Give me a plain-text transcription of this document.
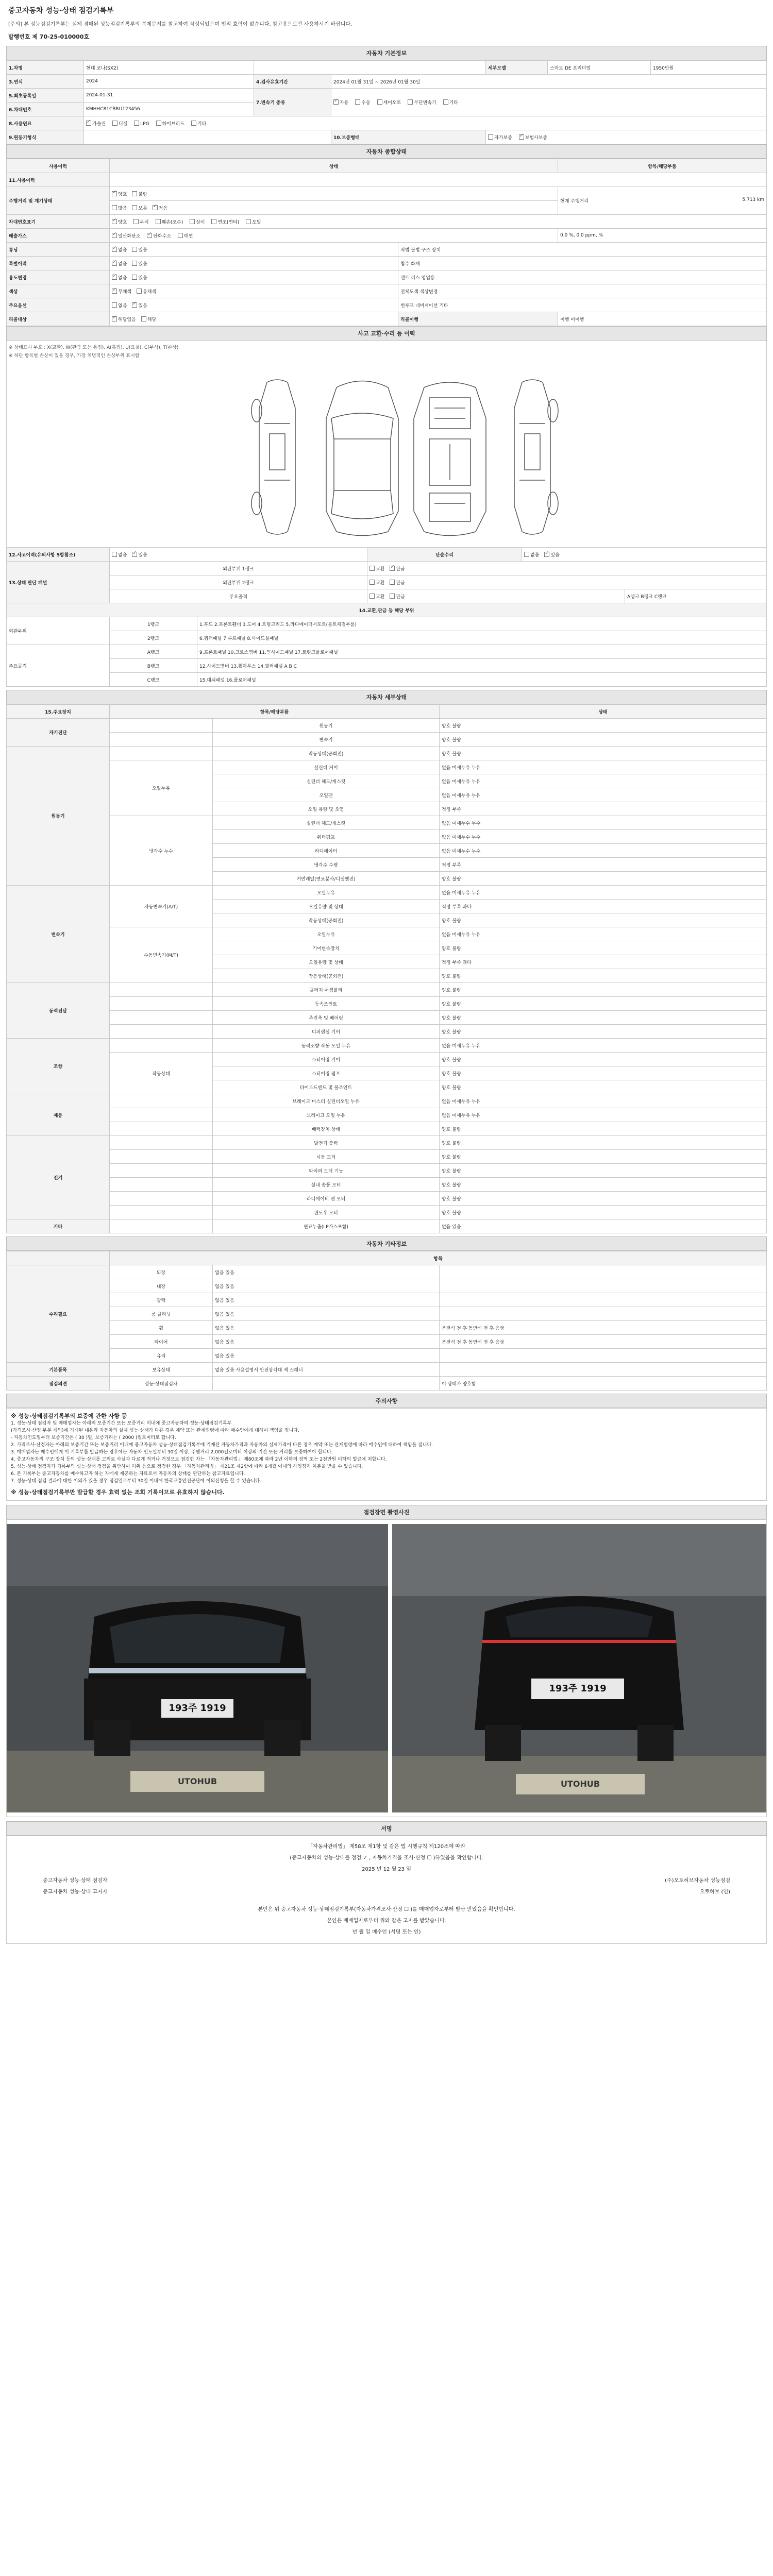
중고자동차 성능·상태 점검기록부
[주의] 본 성능점검기록부는 실제 경매된 성능점검기록부의 복제문서를 참고하여 작성되었으며 법적 효력이 없습니다. 참고용으로만 사용하시기 바랍니다.
발행번호 제 70-25-010000호
자동차 기본정보
1.차명	현대 코나(SX2)			세부모델	스마트 DE 프리미엄	1950만원
3.연식	2024	4.검사유효기간	2024년 01월 31일 ~ 2026년 01월 30일			
5.최초등록일	2024-01-31	7.변속기 종류	✓자동 수동 세미오토 무단변속기 기타
6.차대번호	KMHHC81CBRU123456					
8.사용연료	✓가솔린 디젤 LPG 하이브리드 기타
9.원동기형식			10.보증형태	자가보증 ✓ 보험사보증
자동차 종합상태
사용이력	상태		항목/해당부품
11.사용이력			
주행거리 및 계기상태	✓양호 불량		현재 주행거리 5,713 km

	많음 보통 ✓ 적음
차대번호표기	✓양호 부식 훼손(오손) 상이 변조(변타) 도말
배출가스	✓일산화탄소 ✓ 탄화수소 매연		0.0 %, 0.0 ppm, %
튜닝	✓없음 있음	적법 불법 구조 장치	
특별이력	✓없음 있음	침수 화재	
용도변경	✓없음 있음	렌트 리스 영업용	
색상	✓무채색 유채색	전체도색 색상변경	
주요옵션	없음 ✓ 있음	썬루프 네비게이션 기타	
리콜대상	✓해당없음 해당	리콜이행	이행 미이행
사고 교환·수리 등 이력
※ 상태표시 부호 : X(교환), W(판금 또는 용접), A(흠집), U(요철), C(부식), T(손상)
※ 하단 항목별 손상이 있을 경우, 가장 치명적인 손상부위 표시함
12.사고이력(유의사항 5항참조)	없음 ✓ 있음		단순수리	없음 ✓ 있음
13.상태 판단 패널	외판부위 1랭크		교환 ✓ 판금
	외판부위 2랭크		교환 판금		
	주요골격		교환 판금		A랭크 B랭크 C랭크
14.교환,판금 등 해당 부위					
외판부위	1랭크	1.후드 2.프론트휀더 3.도어 4.트렁크리드 5.라디에이터서포트(볼트체결부품)			
	2랭크	6.쿼터패널 7.루프패널 8.사이드실패널			
주요골격	A랭크	9.프론트패널 10.크로스멤버 11.인사이드패널 17.트렁크플로어패널			
	B랭크	12.사이드멤버 13.휠하우스 14.필러패널 A B C			
	C랭크	15.대쉬패널 16.플로어패널			
자동차 세부상태
15.주요장치	항목/해당부품		상태
자기진단		원동기	양호 불량
		변속기	양호 불량
원동기		작동상태(공회전)	양호 불량
	오일누유	실린더 커버	없음 미세누유 누유
		실린더 헤드/개스킷	없음 미세누유 누유
		오일팬	없음 미세누유 누유
		오일 유량 및 오염	적정 부족
	냉각수 누수	실린더 헤드/개스킷	없음 미세누수 누수
		워터펌프	없음 미세누수 누수
		라디에이터	없음 미세누수 누수
		냉각수 수량	적정 부족
		커먼레일(연료분사/디젤엔진)	양호 불량
변속기	자동변속기(A/T)	오일누유	없음 미세누유 누유
		오일유량 및 상태	적정 부족 과다
		작동상태(공회전)	양호 불량
	수동변속기(M/T)	오일누유	없음 미세누유 누유
		기어변속장치	양호 불량
		오일유량 및 상태	적정 부족 과다
		작동상태(공회전)	양호 불량
동력전달		클러치 어셈블리	양호 불량
		등속조인트	양호 불량
		추진축 및 베어링	양호 불량
		디퍼렌셜 기어	양호 불량
조향		동력조향 작동 오일 누유	없음 미세누유 누유
	작동상태	스티어링 기어	양호 불량
		스티어링 펌프	양호 불량
		타이로드엔드 및 볼조인트	양호 불량
제동		브레이크 마스터 실린더오일 누유	없음 미세누유 누유
		브레이크 오일 누유	없음 미세누유 누유
		배력장치 상태	양호 불량
전기		발전기 출력	양호 불량
		시동 모터	양호 불량
		와이퍼 모터 기능	양호 불량
		실내 송풍 모터	양호 불량
		라디에이터 팬 모터	양호 불량
		윈도우 모터	양호 불량
기타		연료누출(LP가스포함)	없음 있음
자동차 기타정보
	항목		
수리필요	외장	없음 있음	
	내장	없음 있음	
	광택	없음 있음	
	룸 클리닝	없음 있음	
	휠	없음 있음	운전석 전 후 동반석 전 후 응급
	타이어	없음 있음	운전석 전 후 동반석 전 후 응급
	유리	없음 있음	
기본품목	보유상태	없음 있음 사용설명서 안전삼각대 잭 스패너	
점검의견	성능·상태점검자		이 상태가 양호함
주의사항
※ 성능·상태점검기록부의 보증에 관한 사항 등
1. 성능·상태 점검자 및 매매업자는 아래의 보증기간 또는 보증거리 이내에 중고자동차의 성능·상태점검기록부
(가격조사·산정 부분 제외)에 기재된 내용과 자동차의 실제 성능·상태가 다른 경우 계약 또는 관계법령에 따라 매수인에게 대하여 책임을 집니다.
- 자동차인도일부터 보증기간은 ( 30 )일, 보증거리는 ( 2000 )킬로미터로 합니다.
2. 가격조사·산정자는 아래의 보증기간 또는 보증거리 이내에 중고자동차 성능·상태점검기록부에 기재된 자동차가격과 자동차의 실제가격이 다른 경우 계약 또는 관계법령에 따라 매수인에 대하여 책임을 집니다.
3. 매매업자는 매수인에게 이 기록부를 발급하는 경우에는 자동차 인도일부터 30일 이상, 주행거리 2,000킬로미터 이상의 기간 또는 거리를 보증하여야 합니다.
4. 중고자동차의 구조·장치 등의 성능·상태를 고의로 사실과 다르게 적거나 거짓으로 점검한 자는 「자동차관리법」 제80조에 따라 2년 이하의 징역 또는 2천만원 이하의 벌금에 처합니다.
5. 성능·상태 점검자가 기록부의 성능·상태 점검을 위반하여 허위 등으로 점검한 경우 「자동차관리법」 제21조 제2항에 따라 6개월 이내의 사업정지 처분을 받을 수 있습니다.
6. 본 기록부는 중고자동차를 매수하고자 하는 자에게 제공하는 자료로서 자동차의 상태를 판단하는 참고자료입니다.
7. 성능·상태 점검 결과에 대한 이의가 있을 경우 점검일로부터 30일 이내에 한국교통안전공단에 이의신청을 할 수 있습니다.
※ 성능·상태점검기록부만 발급할 경우 효력 없는 조회 기록이므로 유효하지 않습니다.
점검장면 촬영사진
193주 1919
UTOHUB
193주 1919
UTOHUB
서명
「자동차관리법」 제58조 제1항 및 같은 법 시행규칙 제120조에 따라
(중고자동차의 성능·상태를 점검 ✓ , 자동차가격을 조사·산정 ☐ )하였음을 확인합니다.
2025 년 12 월 23 일
중고자동차 성능·상태 점검자	(주)오토허브자동차 성능점검
중고자동차 성능·상태 고지자	오토허브 (인)
본인은 위 중고자동차 성능·상태점검기록부(자동차가격조사·산정 ☐ )를 매매업자로부터 발급 받았음을 확인합니다.
본인은 매매업자로부터 위와 같은 고지를 받았습니다.
년 월 일 매수인 (서명 또는 인)
